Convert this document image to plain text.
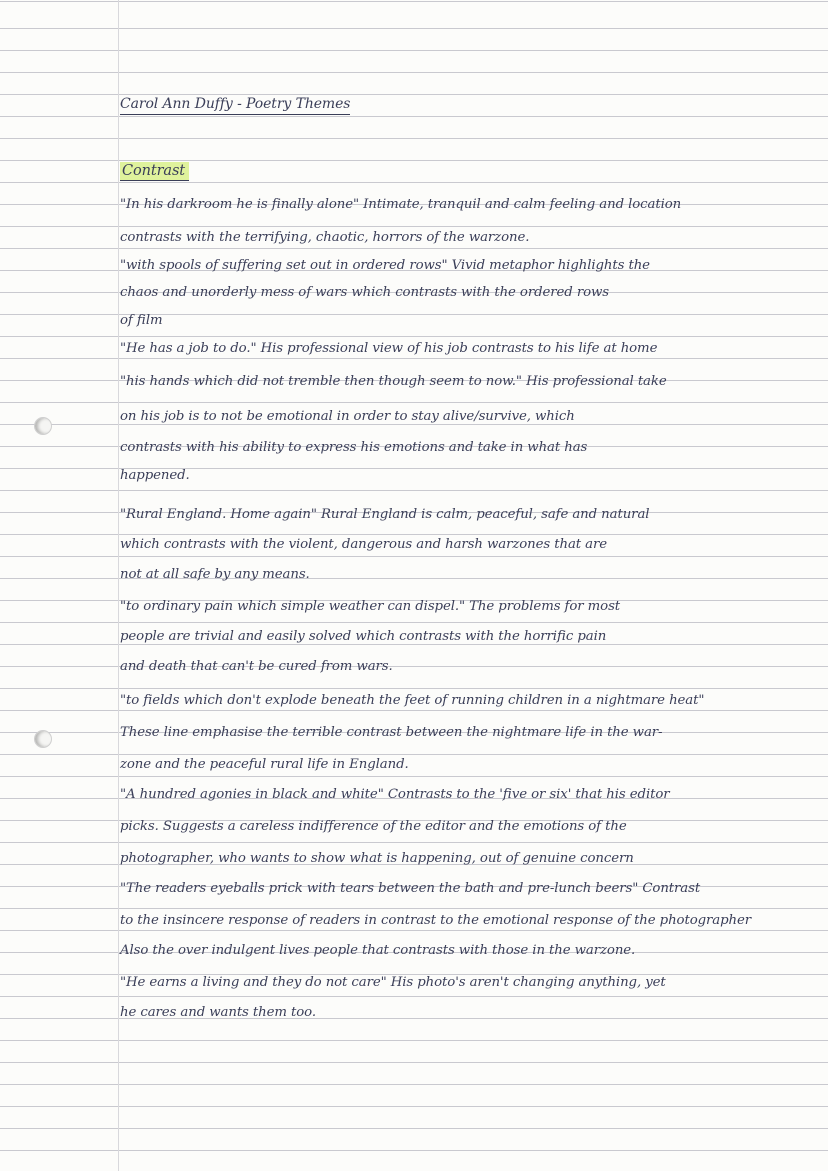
Carol Ann Duffy - Poetry Themes
Contrast
"In his darkroom he is finally alone" Intimate, tranquil and calm feeling and location
contrasts with the terrifying, chaotic, horrors of the warzone.
"with spools of suffering set out in ordered rows" Vivid metaphor highlights the
chaos and unorderly mess of wars which contrasts with the ordered rows
of film
"He has a job to do." His professional view of his job contrasts to his life at home
"his hands which did not tremble then though seem to now." His professional take
on his job is to not be emotional in order to stay alive/survive, which
contrasts with his ability to express his emotions and take in what has
happened.
"Rural England. Home again" Rural England is calm, peaceful, safe and natural
which contrasts with the violent, dangerous and harsh warzones that are
not at all safe by any means.
"to ordinary pain which simple weather can dispel." The problems for most
people are trivial and easily solved which contrasts with the horrific pain
and death that can't be cured from wars.
"to fields which don't explode beneath the feet of running children in a nightmare heat"
These line emphasise the terrible contrast between the nightmare life in the war-
zone and the peaceful rural life in England.
"A hundred agonies in black and white" Contrasts to the 'five or six' that his editor
picks. Suggests a careless indifference of the editor and the emotions of the
photographer, who wants to show what is happening, out of genuine concern
"The readers eyeballs prick with tears between the bath and pre-lunch beers" Contrast
to the insincere response of readers in contrast to the emotional response of the photographer
Also the over indulgent lives people that contrasts with those in the warzone.
"He earns a living and they do not care" His photo's aren't changing anything, yet
he cares and wants them too.
